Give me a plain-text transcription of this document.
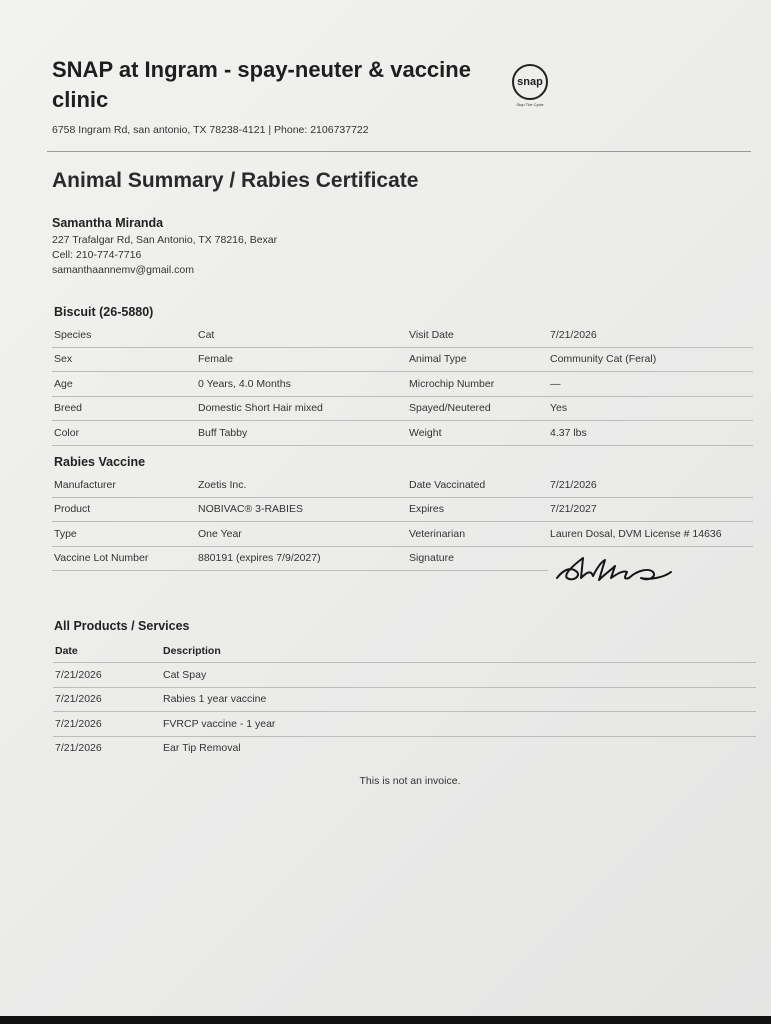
SNAP at Ingram - spay-neuter & vaccine clinic
6758 Ingram Rd, san antonio, TX 78238-4121 | Phone: 2106737722
snap
Stop The Cycle
Animal Summary / Rabies Certificate
Samantha Miranda
227 Trafalgar Rd, San Antonio, TX 78216, Bexar
Cell: 210-774-7716
samanthaannemv@gmail.com
Biscuit (26-5880)
Species	Cat	Visit Date	7/21/2026
Sex	Female	Animal Type	Community Cat (Feral)
Age	0 Years, 4.0 Months	Microchip Number	—
Breed	Domestic Short Hair mixed	Spayed/Neutered	Yes
Color	Buff Tabby	Weight	4.37 lbs
Rabies Vaccine
Manufacturer	Zoetis Inc.	Date Vaccinated	7/21/2026
Product	NOBIVAC® 3-RABIES	Expires	7/21/2027
Type	One Year	Veterinarian	Lauren Dosal, DVM License # 14636
Vaccine Lot Number	880191 (expires 7/9/2027)	Signature	
All Products / Services
Date	Description
7/21/2026	Cat Spay
7/21/2026	Rabies 1 year vaccine
7/21/2026	FVRCP vaccine - 1 year
7/21/2026	Ear Tip Removal
This is not an invoice.
